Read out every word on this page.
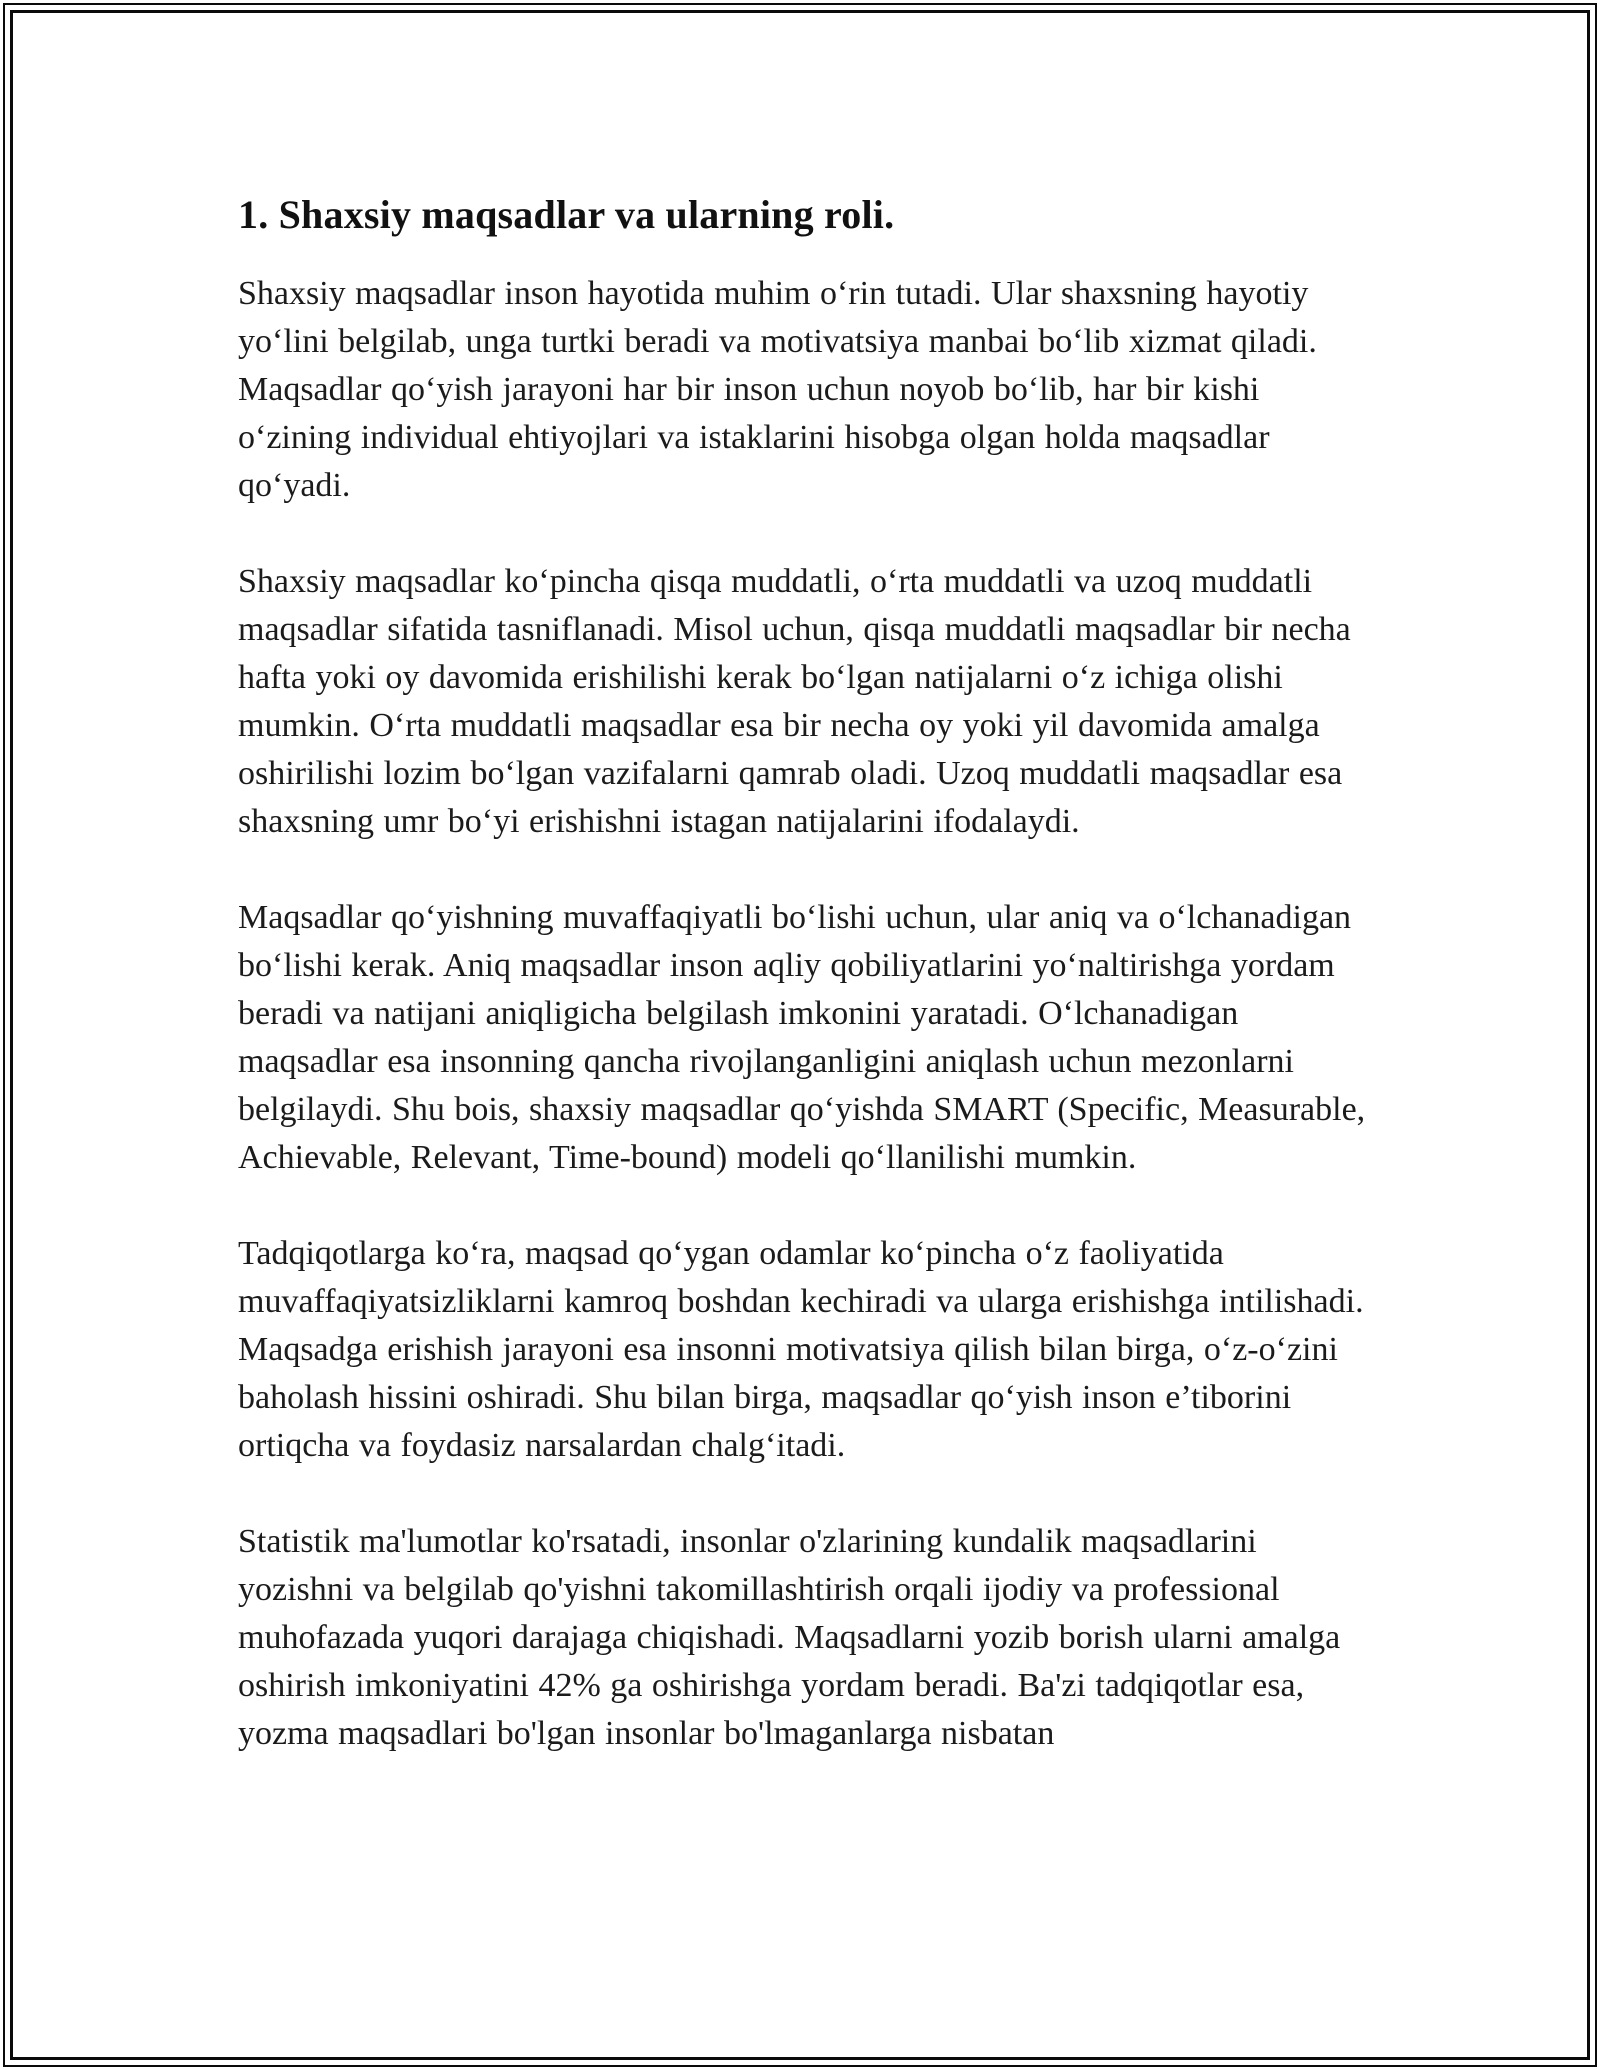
1. Shaxsiy maqsadlar va ularning roli.

Shaxsiy maqsadlar inson hayotida muhim o‘rin tutadi. Ular shaxsning hayotiy yo‘lini belgilab, unga turtki beradi va motivatsiya manbai bo‘lib xizmat qiladi. Maqsadlar qo‘yish jarayoni har bir inson uchun noyob bo‘lib, har bir kishi o‘zining individual ehtiyojlari va istaklarini hisobga olgan holda maqsadlar qo‘yadi.

Shaxsiy maqsadlar ko‘pincha qisqa muddatli, o‘rta muddatli va uzoq muddatli maqsadlar sifatida tasniflanadi. Misol uchun, qisqa muddatli maqsadlar bir necha hafta yoki oy davomida erishilishi kerak bo‘lgan natijalarni o‘z ichiga olishi mumkin. O‘rta muddatli maqsadlar esa bir necha oy yoki yil davomida amalga oshirilishi lozim bo‘lgan vazifalarni qamrab oladi. Uzoq muddatli maqsadlar esa shaxsning umr bo‘yi erishishni istagan natijalarini ifodalaydi.

Maqsadlar qo‘yishning muvaffaqiyatli bo‘lishi uchun, ular aniq va o‘lchanadigan bo‘lishi kerak. Aniq maqsadlar inson aqliy qobiliyatlarini yo‘naltirishga yordam beradi va natijani aniqligicha belgilash imkonini yaratadi. O‘lchanadigan maqsadlar esa insonning qancha rivojlanganligini aniqlash uchun mezonlarni belgilaydi. Shu bois, shaxsiy maqsadlar qo‘yishda SMART (Specific, Measurable, Achievable, Relevant, Time-bound) modeli qo‘llanilishi mumkin.

Tadqiqotlarga ko‘ra, maqsad qo‘ygan odamlar ko‘pincha o‘z faoliyatida muvaffaqiyatsizliklarni kamroq boshdan kechiradi va ularga erishishga intilishadi. Maqsadga erishish jarayoni esa insonni motivatsiya qilish bilan birga, o‘z-o‘zini baholash hissini oshiradi. Shu bilan birga, maqsadlar qo‘yish inson e’tiborini ortiqcha va foydasiz narsalardan chalg‘itadi.

Statistik ma'lumotlar ko'rsatadi, insonlar o'zlarining kundalik maqsadlarini yozishni va belgilab qo'yishni takomillashtirish orqali ijodiy va professional muhofazada yuqori darajaga chiqishadi. Maqsadlarni yozib borish ularni amalga oshirish imkoniyatini 42% ga oshirishga yordam beradi. Ba'zi tadqiqotlar esa, yozma maqsadlari bo'lgan insonlar bo'lmaganlarga nisbatan
